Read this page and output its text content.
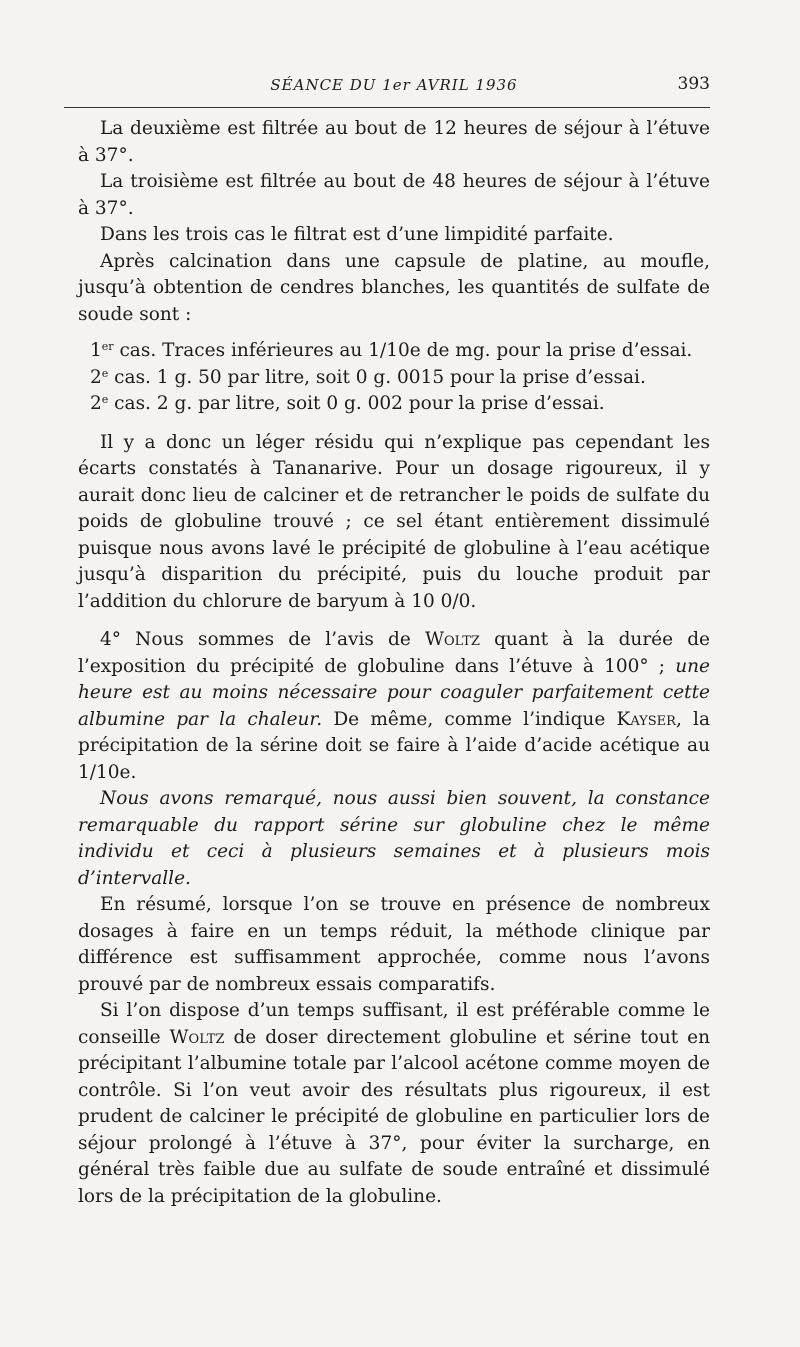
SÉANCE DU 1er AVRIL 1936	393

La deuxième est filtrée au bout de 12 heures de séjour à l’étuve à 37°.

La troisième est filtrée au bout de 48 heures de séjour à l’étuve à 37°.

Dans les trois cas le filtrat est d’une limpidité parfaite.

Après calcination dans une capsule de platine, au moufle, jusqu’à obtention de cendres blanches, les quantités de sulfate de soude sont :

1er cas. Traces inférieures au 1/10e de mg. pour la prise d’essai.

2e cas. 1 g. 50 par litre, soit 0 g. 0015 pour la prise d’essai.

2e cas. 2 g. par litre, soit 0 g. 002 pour la prise d’essai.

Il y a donc un léger résidu qui n’explique pas cependant les écarts constatés à Tananarive. Pour un dosage rigoureux, il y aurait donc lieu de calciner et de retrancher le poids de sulfate du poids de globuline trouvé ; ce sel étant entièrement dissimulé puisque nous avons lavé le précipité de globuline à l’eau acétique jusqu’à disparition du précipité, puis du louche produit par l’addition du chlorure de baryum à 10 0/0.

4° Nous sommes de l’avis de Woltz quant à la durée de l’exposition du précipité de globuline dans l’étuve à 100° ; une heure est au moins nécessaire pour coaguler parfaitement cette albumine par la chaleur. De même, comme l’indique Kayser, la précipitation de la sérine doit se faire à l’aide d’acide acétique au 1/10e.

Nous avons remarqué, nous aussi bien souvent, la constance remarquable du rapport sérine sur globuline chez le même individu et ceci à plusieurs semaines et à plusieurs mois d’intervalle.

En résumé, lorsque l’on se trouve en présence de nombreux dosages à faire en un temps réduit, la méthode clinique par différence est suffisamment approchée, comme nous l’avons prouvé par de nombreux essais comparatifs.

Si l’on dispose d’un temps suffisant, il est préférable comme le conseille Woltz de doser directement globuline et sérine tout en précipitant l’albumine totale par l’alcool acétone comme moyen de contrôle. Si l’on veut avoir des résultats plus rigoureux, il est prudent de calciner le précipité de globuline en particulier lors de séjour prolongé à l’étuve à 37°, pour éviter la surcharge, en général très faible due au sulfate de soude entraîné et dissimulé lors de la précipitation de la globuline.
